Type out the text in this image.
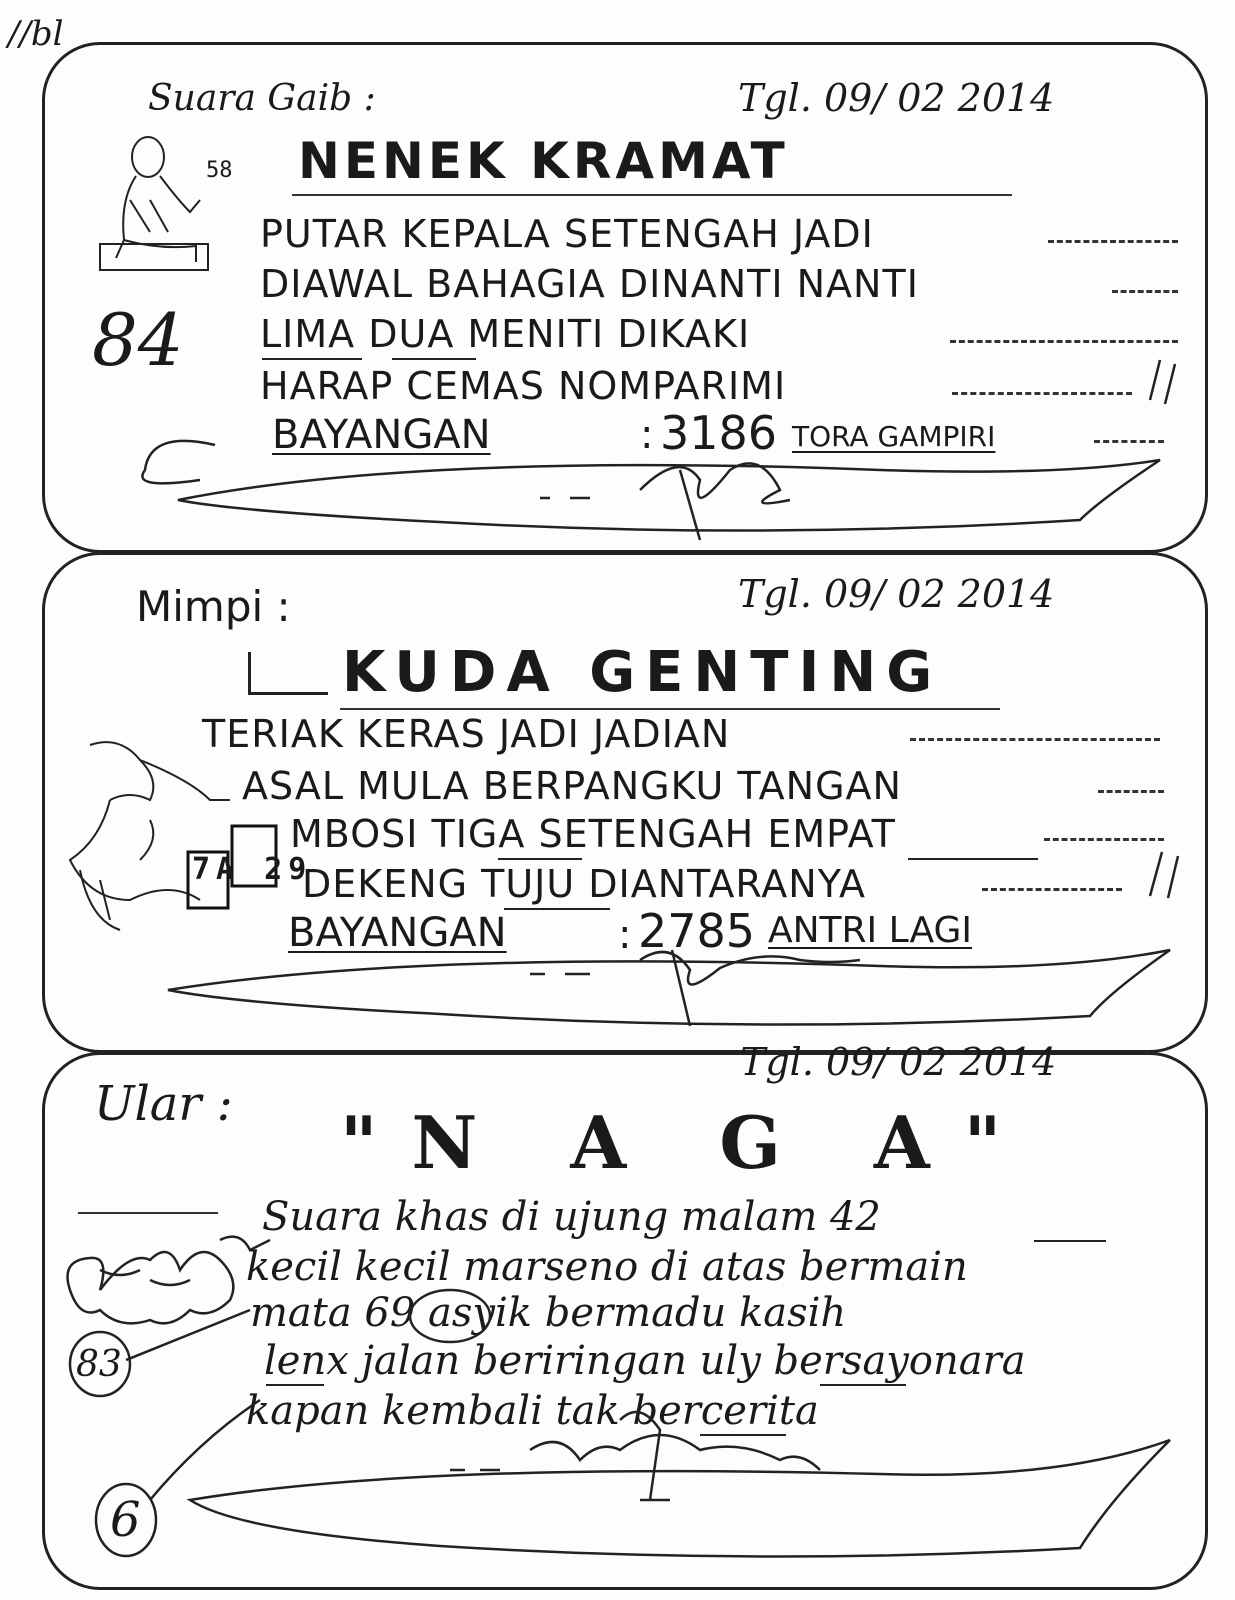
//bl
Suara Gaib :	Tgl. 09/ 02 2014
58 NENEK KRAMAT
84
PUTAR KEPALA SETENGAH JADI
DIAWAL BAHAGIA DINANTI NANTI
LIMA DUA MENITI DIKAKI
HARAP CEMAS NOMPARIMI
BAYANGAN	: 3186 TORA GAMPIRI
Mimpi :	Tgl. 09/ 02 2014
KUDA GENTING
7A 29
TERIAK KERAS JADI JADIAN
ASAL MULA BERPANGKU TANGAN
MBOSI TIGA SETENGAH EMPAT
DEKENG TUJU DIANTARANYA
BAYANGAN	: 2785 ANTRI LAGI
Ular :
Tgl. 09/ 02 2014
"N A G A"
83
6
Suara khas di ujung malam 42
kecil kecil marseno di atas bermain
mata 69 asyik bermadu kasih
lenx jalan beriringan uly bersayonara
kapan kembali tak bercerita
